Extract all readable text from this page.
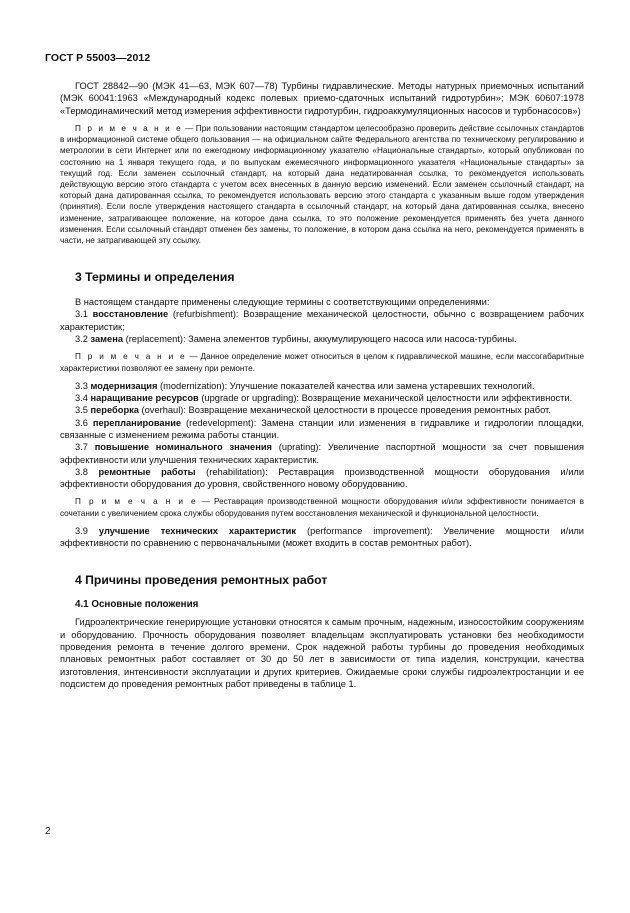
ГОСТ Р 55003—2012

ГОСТ 28842—90 (МЭК 41—63, МЭК 607—78) Турбины гидравлические. Методы натурных приемочных испытаний (МЭК 60041:1963 «Международный кодекс полевых приемо-сдаточных испытаний гидротурбин»; МЭК 60607:1978 «Термодинамический метод измерения эффективности гидротурбин, гидроаккумуляционных насосов и турбонасосов»)

П р и м е ч а н и е — При пользовании настоящим стандартом целесообразно проверить действие ссылочных стандартов в информационной системе общего пользования — на официальном сайте Федерального агентства по техническому регулированию и метрологии в сети Интернет или по ежегодному информационному указателю «Национальные стандарты», который опубликован по состоянию на 1 января текущего года, и по выпускам ежемесячного информационного указателя «Национальные стандарты» за текущий год. Если заменен ссылочный стандарт, на который дана недатированная ссылка, то рекомендуется использовать действующую версию этого стандарта с учетом всех внесенных в данную версию изменений. Если заменен ссылочный стандарт, на который дана датированная ссылка, то рекомендуется использовать версию этого стандарта с указанным выше годом утверждения (принятия). Если после утверждения настоящего стандарта в ссылочный стандарт, на который дана датированная ссылка, внесено изменение, затрагивающее положение, на которое дана ссылка, то это положение рекомендуется применять без учета данного изменения. Если ссылочный стандарт отменен без замены, то положение, в котором дана ссылка на него, рекомендуется применять в части, не затрагивающей эту ссылку.

3 Термины и определения

В настоящем стандарте применены следующие термины с соответствующими определениями:

3.1 восстановление (refurbishment): Возвращение механической целостности, обычно с возвращением рабочих характеристик;

3.2 замена (replacement): Замена элементов турбины, аккумулирующего насоса или насоса-турбины.

П р и м е ч а н и е — Данное определение может относиться в целом к гидравлической машине, если массогабаритные характеристики позволяют ее замену при ремонте.

3.3 модернизация (modernization): Улучшение показателей качества или замена устаревших технологий.

3.4 наращивание ресурсов (upgrade or upgrading): Возвращение механической целостности или эффективности.

3.5 переборка (overhaul): Возвращение механической целостности в процессе проведения ремонтных работ.

3.6 перепланирование (redevelopment): Замена станции или изменения в гидравлике и гидрологии площадки, связанные с изменением режима работы станции.

3.7 повышение номинального значения (uprating): Увеличение паспортной мощности за счет повышения эффективности или улучшения технических характеристик.

3.8 ремонтные работы (rehabilitation): Реставрация производственной мощности оборудования и/или эффективности оборудования до уровня, свойственного новому оборудованию.

П р и м е ч а н и е — Реставрация производственной мощности оборудования и/или эффективности понимается в сочетании с увеличением срока службы оборудования путем восстановления механической и функциональной целостности.

3.9 улучшение технических характеристик (performance improvement): Увеличение мощности и/или эффективности по сравнению с первоначальными (может входить в состав ремонтных работ).

4 Причины проведения ремонтных работ
4.1 Основные положения

Гидроэлектрические генерирующие установки относятся к самым прочным, надежным, износостойким сооружениям и оборудованию. Прочность оборудования позволяет владельцам эксплуатировать установки без необходимости проведения ремонта в течение долгого времени. Срок надежной работы турбины до проведения необходимых плановых ремонтных работ составляет от 30 до 50 лет в зависимости от типа изделия, конструкции, качества изготовления, интенсивности эксплуатации и других критериев. Ожидаемые сроки службы гидроэлектростанции и ее подсистем до проведения ремонтных работ приведены в таблице 1.

2
